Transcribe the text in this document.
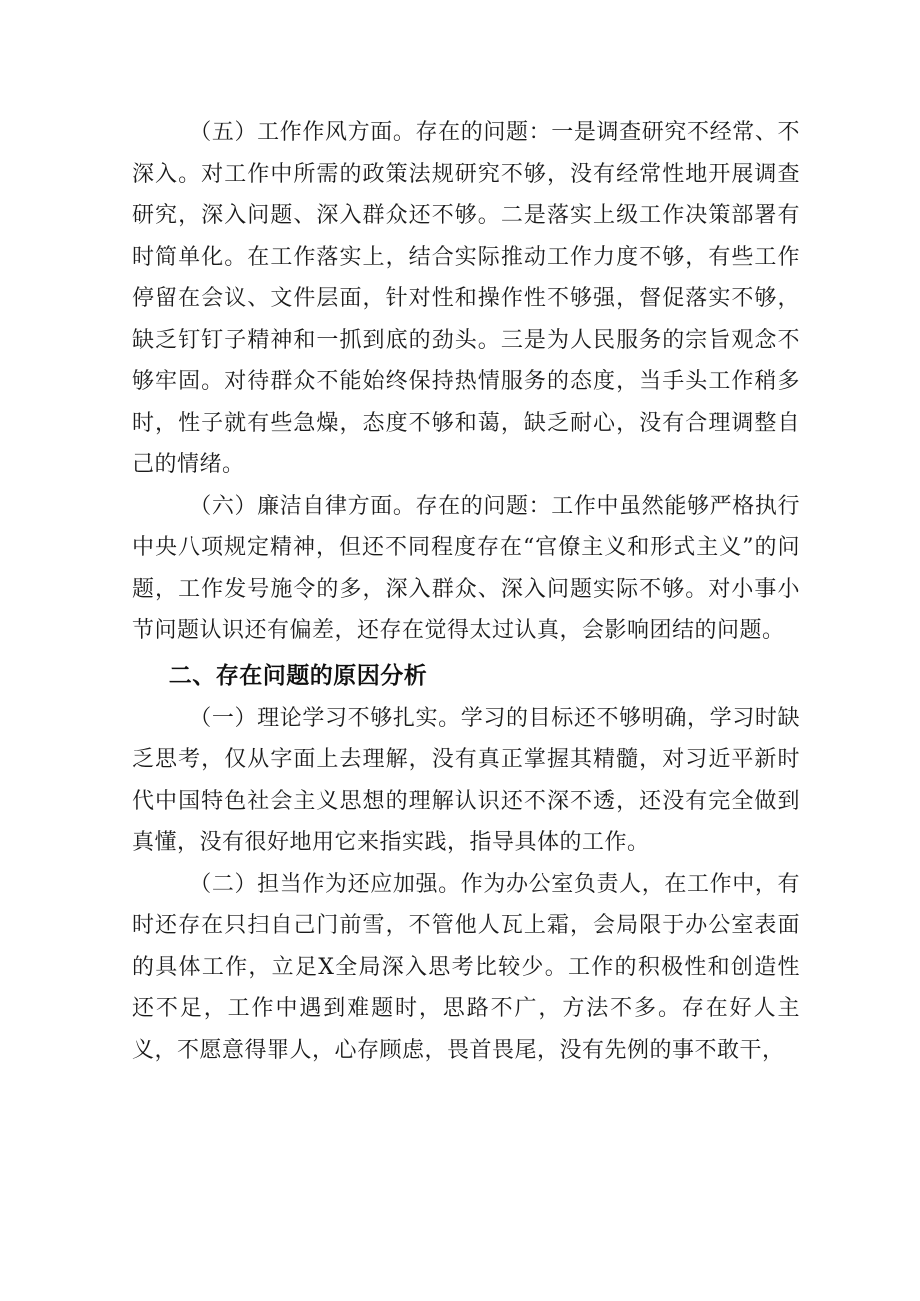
（五）工作作风方面。存在的问题：一是调查研究不经常、不深入。对工作中所需的政策法规研究不够，没有经常性地开展调查研究，深入问题、深入群众还不够。二是落实上级工作决策部署有时简单化。在工作落实上，结合实际推动工作力度不够，有些工作停留在会议、文件层面，针对性和操作性不够强，督促落实不够，缺乏钉钉子精神和一抓到底的劲头。三是为人民服务的宗旨观念不够牢固。对待群众不能始终保持热情服务的态度，当手头工作稍多时，性子就有些急燥，态度不够和蔼，缺乏耐心，没有合理调整自己的情绪。

（六）廉洁自律方面。存在的问题：工作中虽然能够严格执行中央八项规定精神，但还不同程度存在“官僚主义和形式主义”的问题，工作发号施令的多，深入群众、深入问题实际不够。对小事小节问题认识还有偏差，还存在觉得太过认真，会影响团结的问题。

二、存在问题的原因分析

（一）理论学习不够扎实。学习的目标还不够明确，学习时缺乏思考，仅从字面上去理解，没有真正掌握其精髓，对习近平新时代中国特色社会主义思想的理解认识还不深不透，还没有完全做到真懂，没有很好地用它来指实践，指导具体的工作。

（二）担当作为还应加强。作为办公室负责人，在工作中，有时还存在只扫自己门前雪，不管他人瓦上霜，会局限于办公室表面的具体工作，立足X全局深入思考比较少。工作的积极性和创造性还不足，工作中遇到难题时，思路不广，方法不多。存在好人主义，不愿意得罪人，心存顾虑，畏首畏尾，没有先例的事不敢干，
